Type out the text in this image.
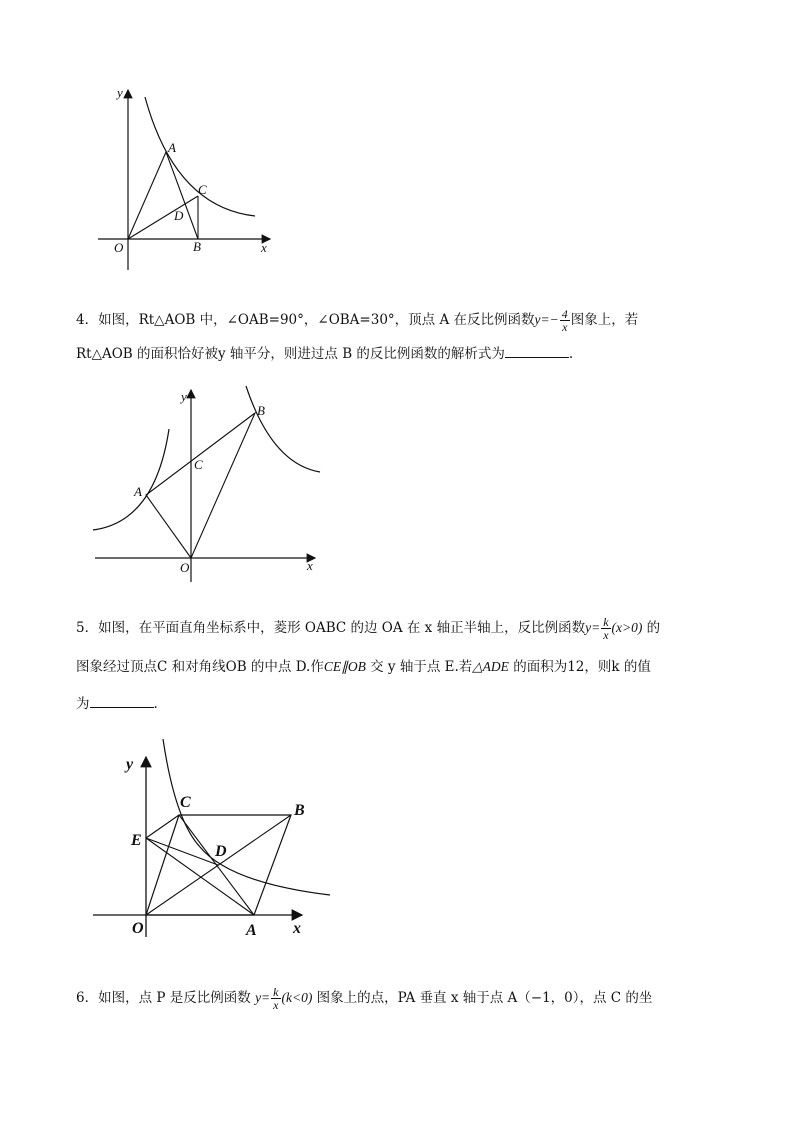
y
x
O
A
B
C
D
4．如图，Rt△AOB 中，∠OAB=90°，∠OBA=30°，顶点 A 在反比例函数$y=- \frac{4}{x}$ 图象上，若
Rt△AOB 的面积恰好被y 轴平分，则进过点 B 的反比例函数的解析式为	.
y
x
O
A
B
C
5．如图，在平面直角坐标系中，菱形 OABC 的边 OA 在 x 轴正半轴上，反比例函数$y= \frac{k}{x} (x>0)$ 的
图象经过顶点C 和对角线OB 的中点 D.作CE∥OB 交 y 轴于点 E.若△ADE 的面积为12，则k 的值
为	.
y
x
O	A
B
C
D
E
6．如图，点 P 是反比例函数 $y= \frac{k}{x} (k<0)$ 图象上的点，PA 垂直 x 轴于点 A（−1，0），点 C 的坐
